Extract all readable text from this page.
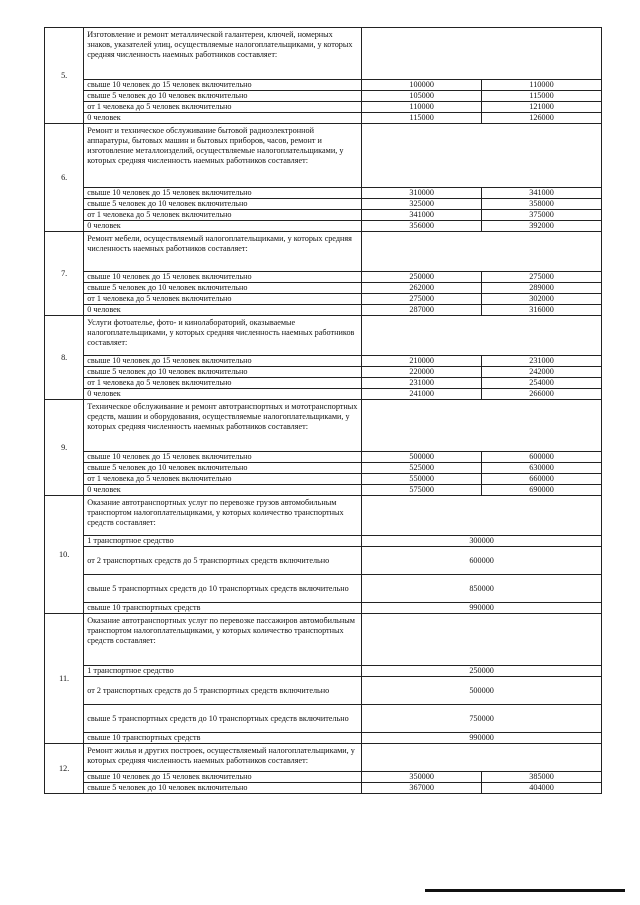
5.	Изготовление и ремонт металлической галантереи, ключей, номерных знаков, указателей улиц, осуществляемые налогоплательщиками, у которых средняя численность наемных работников составляет:		
	свыше 10 человек до 15 человек включительно	100000	110000
	свыше 5 человек до 10 человек включительно	105000	115000
	от 1 человека до 5 человек включительно	110000	121000
	0 человек	115000	126000
6.	Ремонт и техническое обслуживание бытовой радиоэлектронной аппаратуры, бытовых машин и бытовых приборов, часов, ремонт и изготовление металлоизделий, осуществляемые налогоплательщиками, у которых средняя численность наемных работников составляет:		
	свыше 10 человек до 15 человек включительно	310000	341000
	свыше 5 человек до 10 человек включительно	325000	358000
	от 1 человека до 5 человек включительно	341000	375000
	0 человек	356000	392000
7.	Ремонт мебели, осуществляемый налогоплательщиками, у которых средняя численность наемных работников составляет:		
	свыше 10 человек до 15 человек включительно	250000	275000
	свыше 5 человек до 10 человек включительно	262000	289000
	от 1 человека до 5 человек включительно	275000	302000
	0 человек	287000	316000
8.	Услуги фотоателье, фото- и кинолабораторий, оказываемые налогоплательщиками, у которых средняя численность наемных работников составляет:		
	свыше 10 человек до 15 человек включительно	210000	231000
	свыше 5 человек до 10 человек включительно	220000	242000
	от 1 человека до 5 человек включительно	231000	254000
	0 человек	241000	266000
9.	Техническое обслуживание и ремонт автотранспортных и мототранспортных средств, машин и оборудования, осуществляемые налогоплательщиками, у которых средняя численность наемных работников составляет:		
	свыше 10 человек до 15 человек включительно	500000	600000
	свыше 5 человек до 10 человек включительно	525000	630000
	от 1 человека до 5 человек включительно	550000	660000
	0 человек	575000	690000
10.	Оказание автотранспортных услуг по перевозке грузов автомобильным транспортом налогоплательщиками, у которых количество транспортных средств составляет:		
	1 транспортное средство	300000	
	от 2 транспортных средств до 5 транспортных средств включительно	600000	
	свыше 5 транспортных средств до 10 транспортных средств включительно	850000	
	свыше 10 транспортных средств	990000	
11.	Оказание автотранспортных услуг по перевозке пассажиров автомобильным транспортом налогоплательщиками, у которых количество транспортных средств составляет:		
	1 транспортное средство	250000	
	от 2 транспортных средств до 5 транспортных средств включительно	500000	
	свыше 5 транспортных средств до 10 транспортных средств включительно	750000	
	свыше 10 транспортных средств	990000	
12.	Ремонт жилья и других построек, осуществляемый налогоплательщиками, у которых средняя численность наемных работников составляет:		
	свыше 10 человек до 15 человек включительно	350000	385000
	свыше 5 человек до 10 человек включительно	367000	404000
